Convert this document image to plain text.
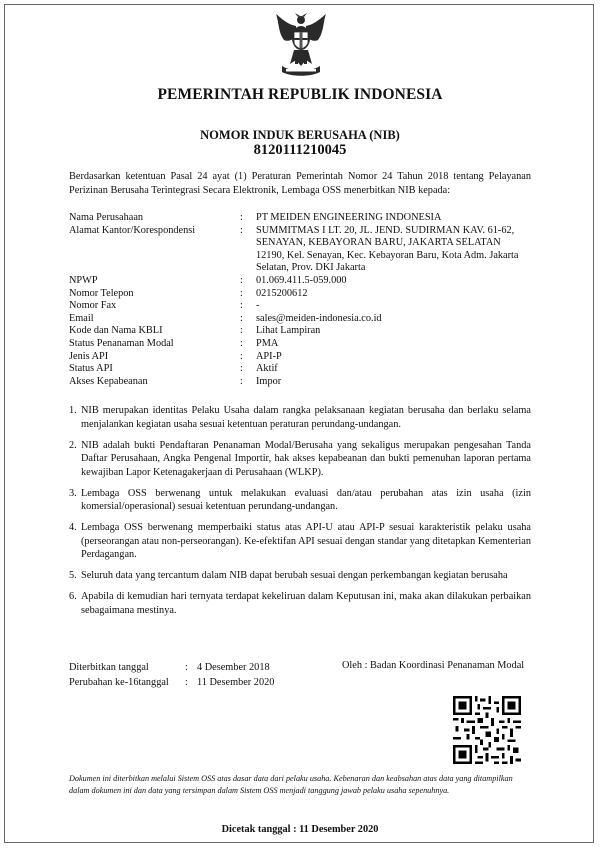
PEMERINTAH REPUBLIK INDONESIA
NOMOR INDUK BERUSAHA (NIB)
8120111210045

Berdasarkan ketentuan Pasal 24 ayat (1) Peraturan Pemerintah Nomor 24 Tahun 2018 tentang Pelayanan Perizinan Berusaha Terintegrasi Secara Elektronik, Lembaga OSS menerbitkan NIB kepada:

Nama Perusahaan	:	PT MEIDEN ENGINEERING INDONESIA
Alamat Kantor/Korespondensi	:	SUMMITMAS I LT. 20, JL. JEND. SUDIRMAN KAV. 61-62, SENAYAN, KEBAYORAN BARU, JAKARTA SELATAN 12190, Kel. Senayan, Kec. Kebayoran Baru, Kota Adm. Jakarta Selatan, Prov. DKI Jakarta
NPWP	:	01.069.411.5-059.000
Nomor Telepon	:	0215200612
Nomor Fax	:	-
Email	:	sales@meiden-indonesia.co.id
Kode dan Nama KBLI	:	Lihat Lampiran
Status Penanaman Modal	:	PMA
Jenis API	:	API-P
Status API	:	Aktif
Akses Kepabeanan	:	Impor
1. NIB merupakan identitas Pelaku Usaha dalam rangka pelaksanaan kegiatan berusaha dan berlaku selama menjalankan kegiatan usaha sesuai ketentuan peraturan perundang-undangan.
2. NIB adalah bukti Pendaftaran Penanaman Modal/Berusaha yang sekaligus merupakan pengesahan Tanda Daftar Perusahaan, Angka Pengenal Importir, hak akses kepabeanan dan bukti pemenuhan laporan pertama kewajiban Lapor Ketenagakerjaan di Perusahaan (WLKP).
3. Lembaga OSS berwenang untuk melakukan evaluasi dan/atau perubahan atas izin usaha (izin komersial/operasional) sesuai ketentuan perundang-undangan.
4. Lembaga OSS berwenang memperbaiki status atas API-U atau API-P sesuai karakteristik pelaku usaha (perseorangan atau non-perseorangan). Ke-efektifan API sesuai dengan standar yang ditetapkan Kementerian Perdagangan.
5. Seluruh data yang tercantum dalam NIB dapat berubah sesuai dengan perkembangan kegiatan berusaha
6. Apabila di kemudian hari ternyata terdapat kekeliruan dalam Keputusan ini, maka akan dilakukan perbaikan sebagaimana mestinya.
Diterbitkan tanggal	: 4 Desember 2018
Perubahan ke-16tanggal	: 11 Desember 2020
Oleh : Badan Koordinasi Penanaman Modal

Dokumen ini diterbitkan melalui Sistem OSS atas dasar data dari pelaku usaha. Kebenaran dan keabsahan atas data yang ditampilkan dalam dokumen ini dan data yang tersimpan dalam Sistem OSS menjadi tanggung jawab pelaku usaha sepenuhnya.

Dicetak tanggal : 11 Desember 2020
